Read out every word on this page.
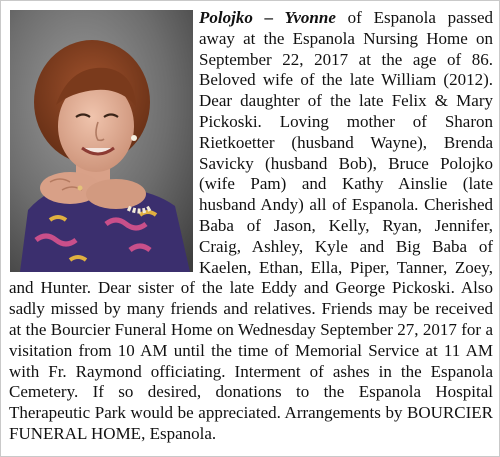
Polojko – Yvonne of Espanola passed away at the Espanola Nursing Home on September 22, 2017 at the age of 86. Beloved wife of the late William (2012). Dear daughter of the late Felix & Mary Pickoski. Loving mother of Sharon Rietkoetter (husband Wayne), Brenda Savicky (husband Bob), Bruce Polojko (wife Pam) and Kathy Ainslie (late husband Andy) all of Espanola. Cherished Baba of Jason, Kelly, Ryan, Jennifer, Craig, Ashley, Kyle and Big Baba of Kaelen, Ethan, Ella, Piper, Tanner, Zoey, and Hunter. Dear sister of the late Eddy and George Pickoski. Also sadly missed by many friends and relatives. Friends may be received at the Bourcier Funeral Home on Wednesday September 27, 2017 for a visitation from 10 AM until the time of Memorial Service at 11 AM with Fr. Raymond officiating. Interment of ashes in the Espanola Cemetery. If so desired, donations to the Espanola Hospital Therapeutic Park would be appreciated. Arrangements by BOURCIER FUNERAL HOME, Espanola.
